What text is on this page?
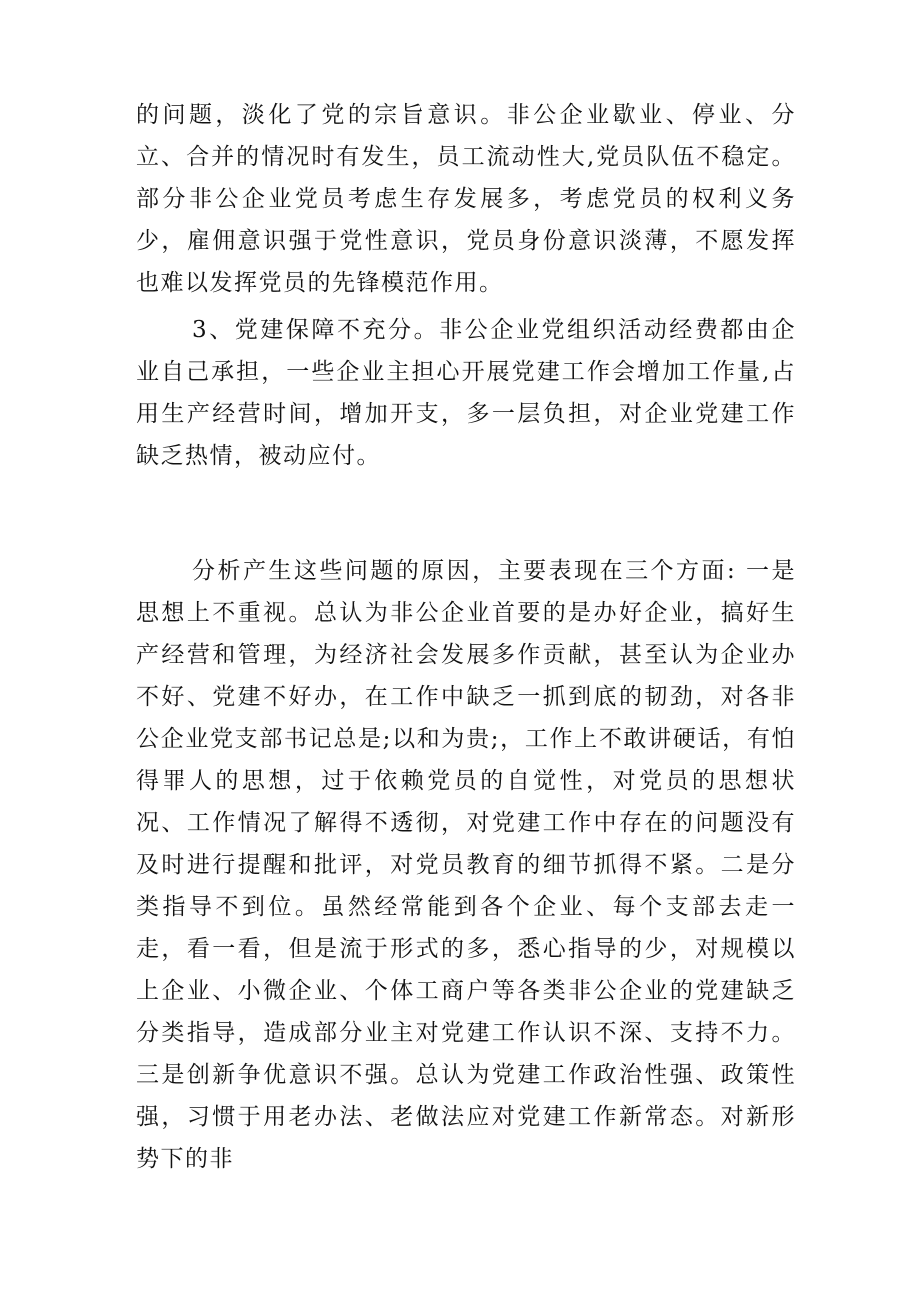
的问题，淡化了党的宗旨意识。非公企业歇业、停业、分立、合并的情况时有发生，员工流动性大,党员队伍不稳定。部分非公企业党员考虑生存发展多，考虑党员的权利义务少，雇佣意识强于党性意识，党员身份意识淡薄，不愿发挥也难以发挥党员的先锋模范作用。

3、党建保障不充分。非公企业党组织活动经费都由企业自己承担，一些企业主担心开展党建工作会增加工作量,占用生产经营时间，增加开支，多一层负担，对企业党建工作缺乏热情，被动应付。

分析产生这些问题的原因，主要表现在三个方面: 一是思想上不重视。总认为非公企业首要的是办好企业，搞好生产经营和管理，为经济社会发展多作贡献，甚至认为企业办不好、党建不好办，在工作中缺乏一抓到底的韧劲，对各非公企业党支部书记总是;以和为贵;，工作上不敢讲硬话，有怕得罪人的思想，过于依赖党员的自觉性，对党员的思想状况、工作情况了解得不透彻，对党建工作中存在的问题没有及时进行提醒和批评，对党员教育的细节抓得不紧。二是分类指导不到位。虽然经常能到各个企业、每个支部去走一走，看一看，但是流于形式的多，悉心指导的少，对规模以上企业、小微企业、个体工商户等各类非公企业的党建缺乏分类指导，造成部分业主对党建工作认识不深、支持不力。三是创新争优意识不强。总认为党建工作政治性强、政策性强，习惯于用老办法、老做法应对党建工作新常态。对新形势下的非
